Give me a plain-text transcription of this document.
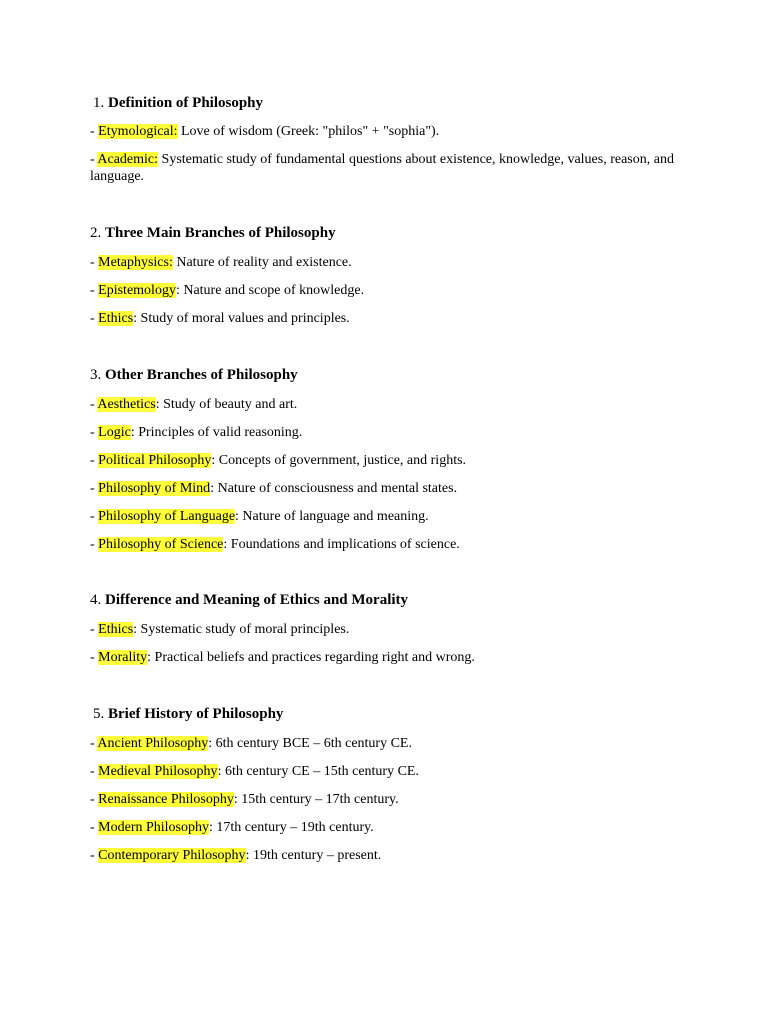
1. Definition of Philosophy
- Etymological: Love of wisdom (Greek: "philos" + "sophia").
- Academic: Systematic study of fundamental questions about existence, knowledge, values, reason, and language.
2. Three Main Branches of Philosophy
- Metaphysics: Nature of reality and existence.
- Epistemology: Nature and scope of knowledge.
- Ethics: Study of moral values and principles.
3. Other Branches of Philosophy
- Aesthetics: Study of beauty and art.
- Logic: Principles of valid reasoning.
- Political Philosophy: Concepts of government, justice, and rights.
- Philosophy of Mind: Nature of consciousness and mental states.
- Philosophy of Language: Nature of language and meaning.
- Philosophy of Science: Foundations and implications of science.
4. Difference and Meaning of Ethics and Morality
- Ethics: Systematic study of moral principles.
- Morality: Practical beliefs and practices regarding right and wrong.
5. Brief History of Philosophy
- Ancient Philosophy: 6th century BCE – 6th century CE.
- Medieval Philosophy: 6th century CE – 15th century CE.
- Renaissance Philosophy: 15th century – 17th century.
- Modern Philosophy: 17th century – 19th century.
- Contemporary Philosophy: 19th century – present.
